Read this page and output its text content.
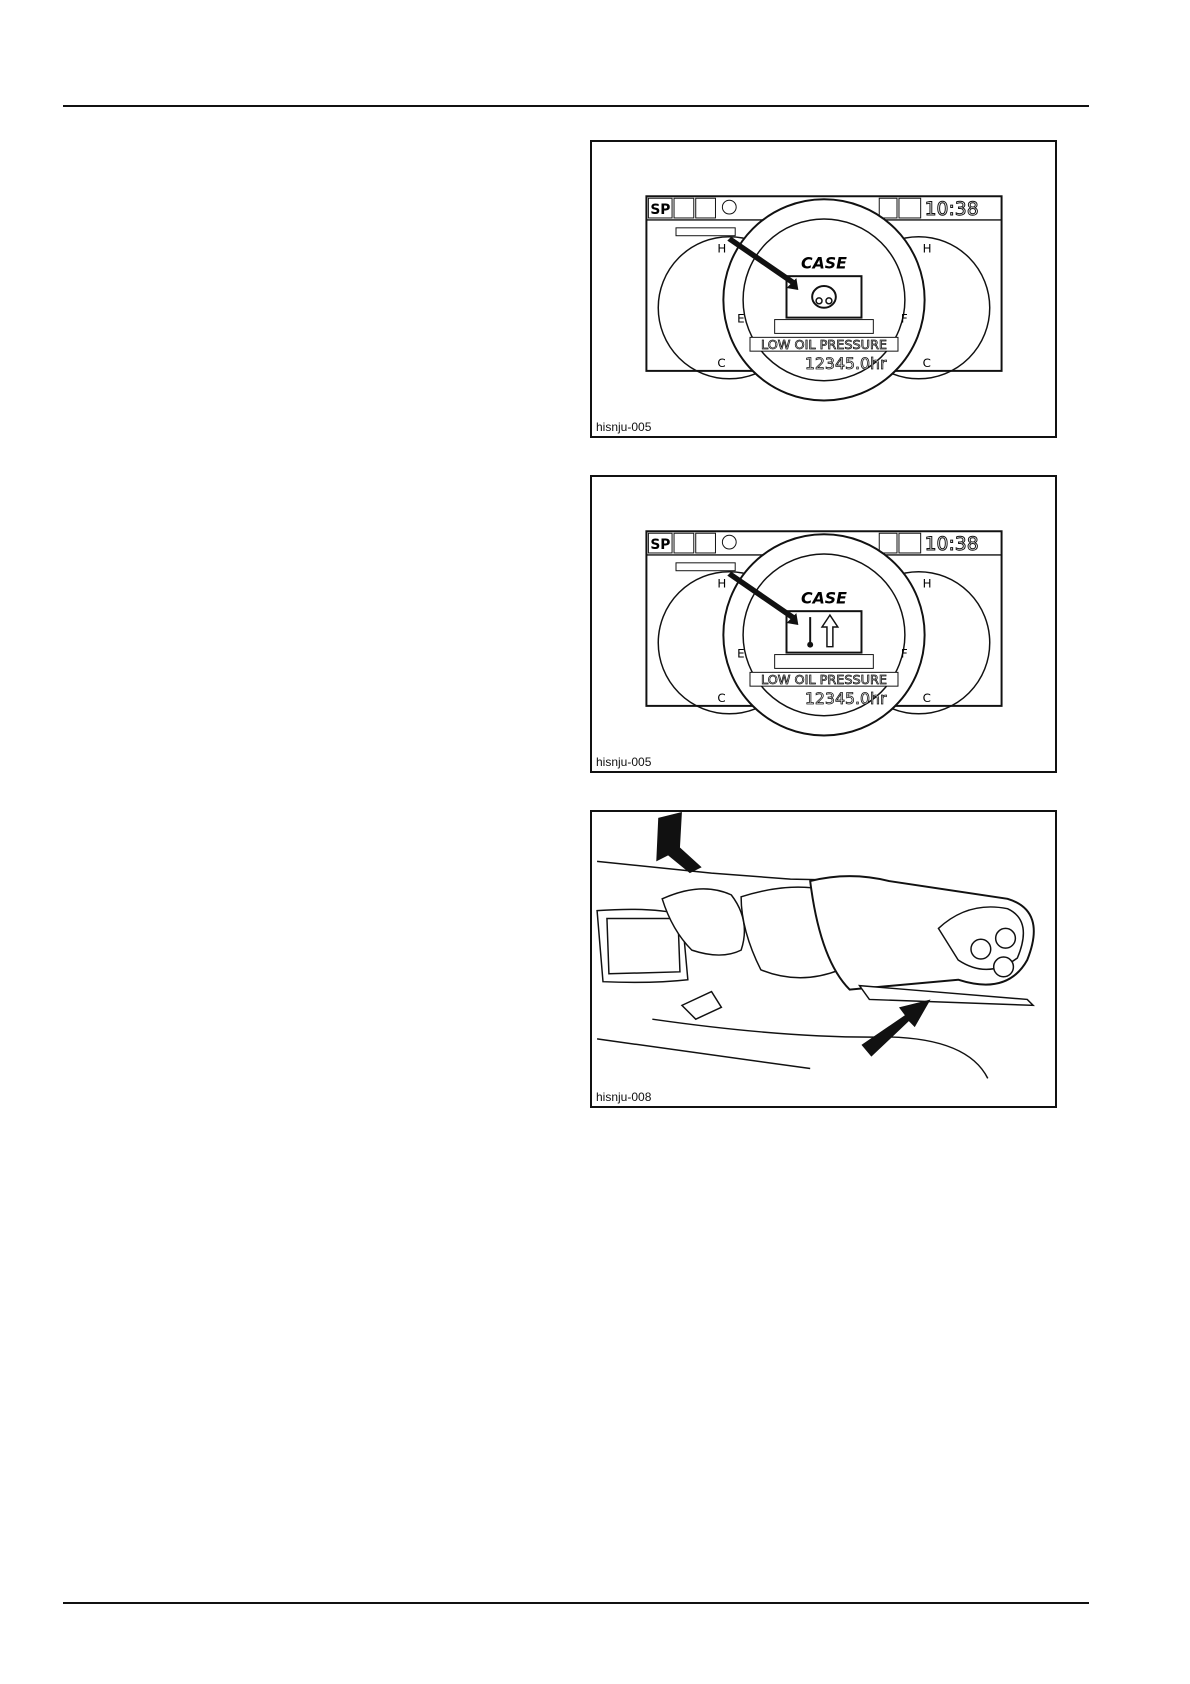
SP	10:38
H
C
H
C
E	F
CASE
LOW OIL PRESSURE
12345.0hr
hisnju-005
SP	10:38
H
C
H
C
E	F
CASE
LOW OIL PRESSURE
12345.0hr
hisnju-005
hisnju-008
